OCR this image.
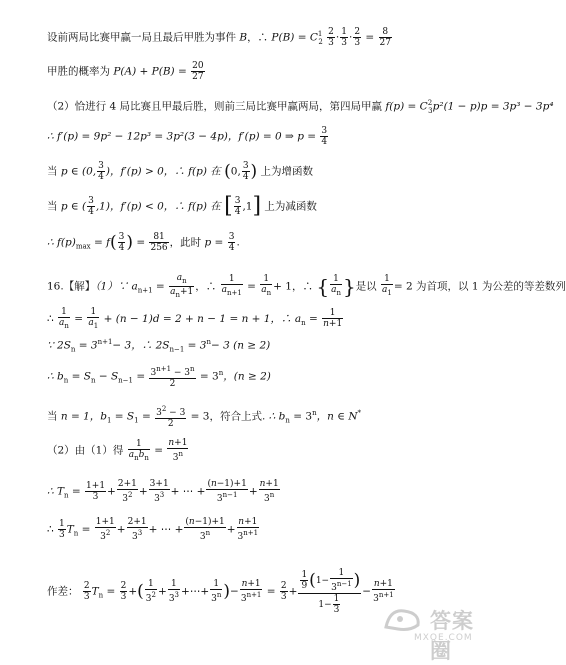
设前两局比赛甲赢一局且最后甲胜为事件 B，∴ $P(B) = C^1_2 \frac{2}{3} \cdot \frac{1}{3} \cdot \frac{2}{3} = \frac{8}{27}$
甲胜的概率为 $P(A) + P(B) = \frac{20}{27}$
（2）恰进行 4 局比赛且甲最后胜，则前三局比赛甲赢两局，第四局甲赢 $f(p) = C^2_3p^2(1 - p)p = 3p^3 - 3p^4$
∴ f′(p) = 9p² − 12p³ = 3p²(3 − 4p)，f′(p) = 0 ⇒ $p = \frac{3}{4}$
当 p ∈ (0, $\frac{3}{4}$ )，f′(p) > 0，∴ f(p) 在 (0, $\frac{3}{4}$ ) 上为增函数
当 p ∈ ( $\frac{3}{4} ,1$)，f′(p) < 0，∴ f(p) 在 [ $\frac{3}{4} ,1$] 上为减函数
∴ $f(p)_{max} = f( \frac{3}{4}$ ) = $\frac{81}{256}$ ，此时 $p = \frac{3}{4}$ .
16.【解】（1）∵ $a_{n+1} = \frac{a_n}{a_n+1}$ ，∴ $\frac{1}{a_{n+1}} = \frac{1}{a_n} + 1$，∴ { $\frac{1}{a_n}$ }是以 $\frac{1}{a_1} = 2$ 为首项，以 1 为公差的等差数列
∴ $\frac{1}{a_n} = \frac{1}{a_1} + (n - 1)d = 2 + n - 1 = n + 1$，∴ $a_n = \frac{1}{n+1}$
∵ $2S_n = 3^{n+1}- 3$，∴ $2S_{n-1} = 3^n- 3$ (n ≥ 2)
∴ $b_n = S_n - S_{n-1} = \frac{3^{n+1} - 3^n}{2} = 3^n$，(n ≥ 2)
当 n = 1，$b_1 = S_1 = \frac{3^2 - 3}{2} = 3$，符合上式. ∴ $b_n = 3^n$，n ∈ N*
（2）由（1）得 $\frac{1}{a_nb_n} = \frac{n+1}{3^n}$
∴ $T_n = \frac{1+1}{3} + \frac{2+1}{3^2} + \frac{3+1}{3^3}$ + ⋯ + $\frac{(n-1)+1}{3^{n-1}} + \frac{n+1}{3^n}$
∴ $\frac{1}{3} T_n = \frac{1+1}{3^2} + \frac{2+1}{3^3}$ + ⋯ + $\frac{(n-1)+1}{3^n} + \frac{n+1}{3^{n+1}}$
作差： $\frac{2}{3} T_n = \frac{2}{3}$ +( $\frac{1}{3^2} + \frac{1}{3^3}$ +⋯+ $\frac{1}{3^n}$ )− $\frac{n+1}{3^{n+1}} = \frac{2}{3} + \frac{\frac{1}{9} (1- \frac{1}{3^{n-1}} )}{1- \frac{1}{3}} - \frac{n+1}{3^{n+1}}$
答案圈
MXQE.COM
